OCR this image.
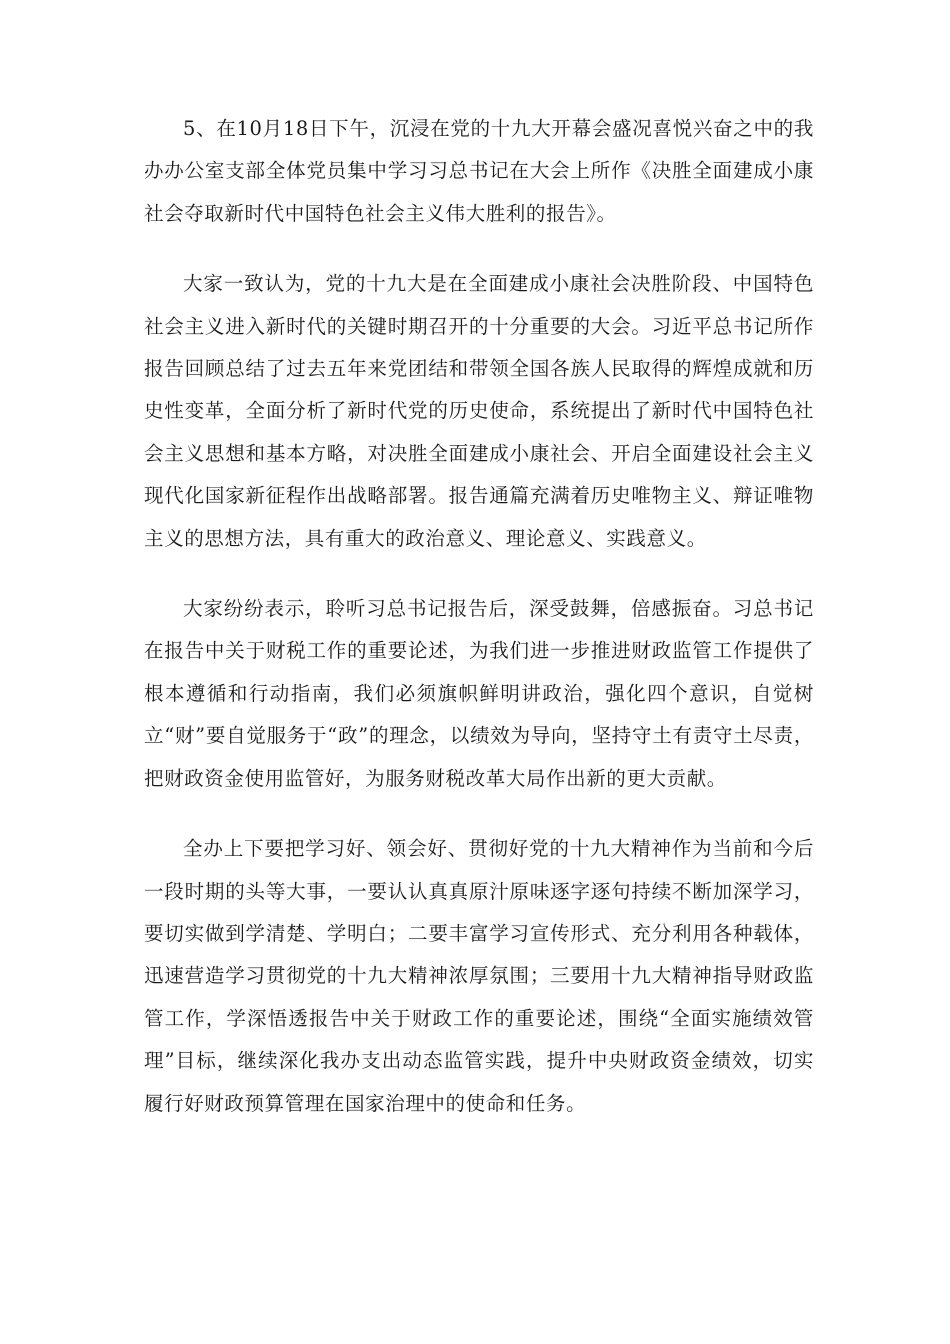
5、在10月18日下午，沉浸在党的十九大开幕会盛况喜悦兴奋之中的我办办公室支部全体党员集中学习习总书记在大会上所作《决胜全面建成小康社会夺取新时代中国特色社会主义伟大胜利的报告》。

大家一致认为，党的十九大是在全面建成小康社会决胜阶段、中国特色社会主义进入新时代的关键时期召开的十分重要的大会。习近平总书记所作报告回顾总结了过去五年来党团结和带领全国各族人民取得的辉煌成就和历史性变革，全面分析了新时代党的历史使命，系统提出了新时代中国特色社会主义思想和基本方略，对决胜全面建成小康社会、开启全面建设社会主义现代化国家新征程作出战略部署。报告通篇充满着历史唯物主义、辩证唯物主义的思想方法，具有重大的政治意义、理论意义、实践意义。

大家纷纷表示，聆听习总书记报告后，深受鼓舞，倍感振奋。习总书记在报告中关于财税工作的重要论述，为我们进一步推进财政监管工作提供了根本遵循和行动指南，我们必须旗帜鲜明讲政治，强化四个意识，自觉树立“财”要自觉服务于“政”的理念，以绩效为导向，坚持守土有责守土尽责，把财政资金使用监管好，为服务财税改革大局作出新的更大贡献。

全办上下要把学习好、领会好、贯彻好党的十九大精神作为当前和今后一段时期的头等大事，一要认认真真原汁原味逐字逐句持续不断加深学习，要切实做到学清楚、学明白；二要丰富学习宣传形式、充分利用各种载体，迅速营造学习贯彻党的十九大精神浓厚氛围；三要用十九大精神指导财政监管工作，学深悟透报告中关于财政工作的重要论述，围绕“全面实施绩效管理”目标，继续深化我办支出动态监管实践，提升中央财政资金绩效，切实履行好财政预算管理在国家治理中的使命和任务。
